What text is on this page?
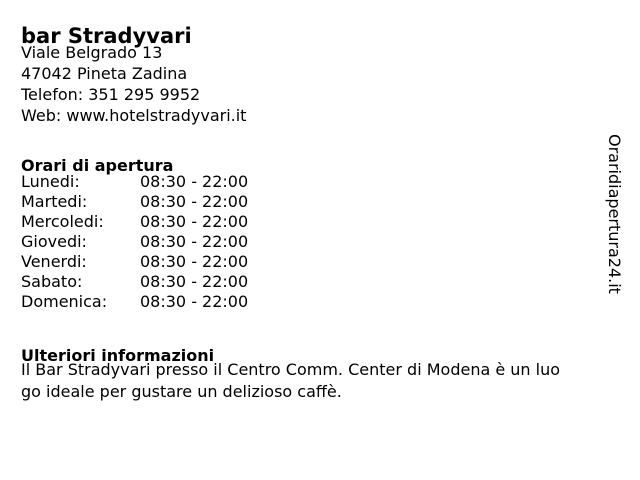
bar Stradyvari
Viale Belgrado 13
47042 Pineta Zadina
Telefon: 351 295 9952
Web: www.hotelstradyvari.it
Orari di apertura
Lunedi:	08:30 - 22:00
Martedi:	08:30 - 22:00
Mercoledi:	08:30 - 22:00
Giovedi:	08:30 - 22:00
Venerdi:	08:30 - 22:00
Sabato:	08:30 - 22:00
Domenica:	08:30 - 22:00
Ulteriori informazioni
Il Bar Stradyvari presso il Centro Comm. Center di Modena è un luo
go ideale per gustare un delizioso caffè.
Oraridiapertura24.it
